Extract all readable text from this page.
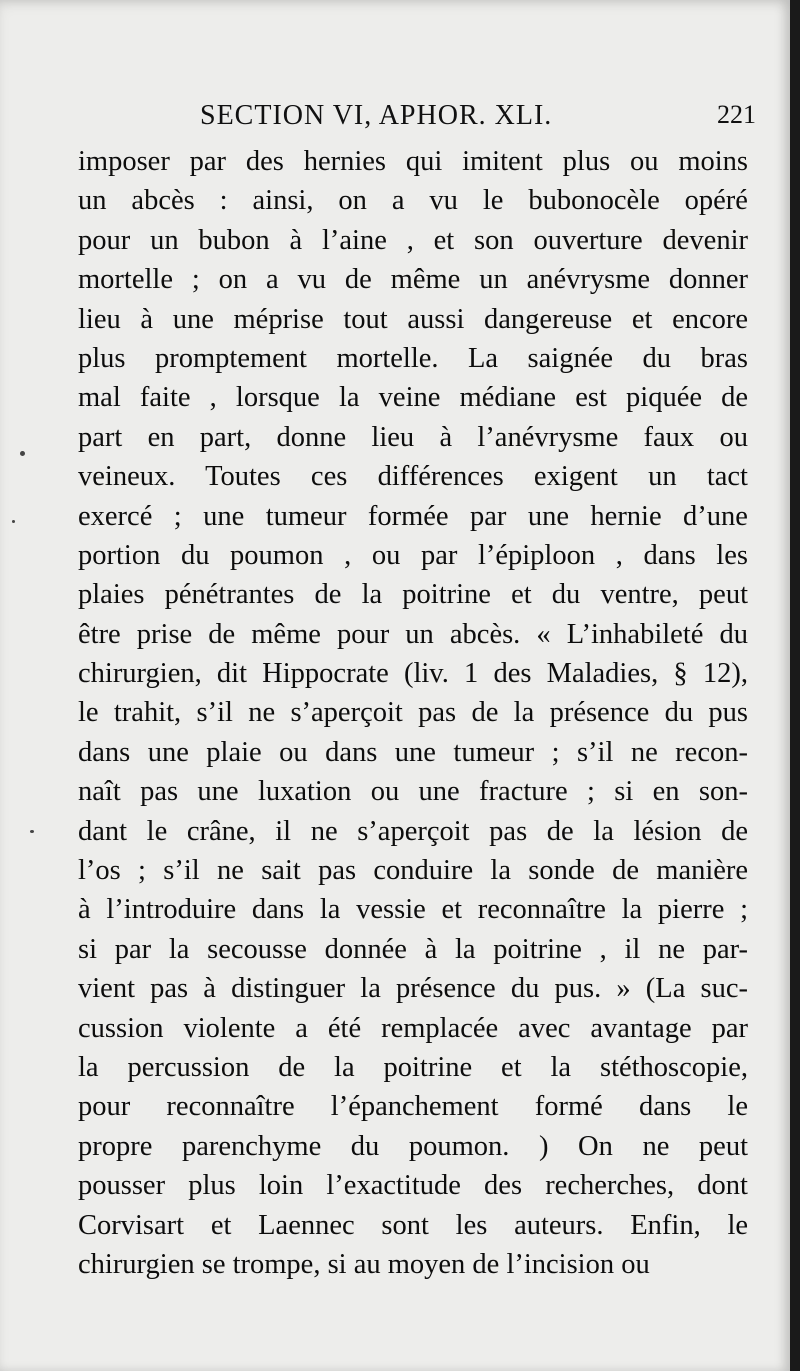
SECTION VI, APHOR. XLI.	221
imposer par des hernies qui imitent plus ou moins
un abcès : ainsi, on a vu le bubonocèle opéré
pour un bubon à l’aine , et son ouverture devenir
mortelle ; on a vu de même un anévrysme donner
lieu à une méprise tout aussi dangereuse et encore
plus promptement mortelle. La saignée du bras
mal faite , lorsque la veine médiane est piquée de
part en part, donne lieu à l’anévrysme faux ou
veineux. Toutes ces différences exigent un tact
exercé ; une tumeur formée par une hernie d’une
portion du poumon , ou par l’épiploon , dans les
plaies pénétrantes de la poitrine et du ventre, peut
être prise de même pour un abcès. « L’inhabileté du
chirurgien, dit Hippocrate (liv. 1 des Maladies, § 12),
le trahit, s’il ne s’aperçoit pas de la présence du pus
dans une plaie ou dans une tumeur ; s’il ne recon-
naît pas une luxation ou une fracture ; si en son-
dant le crâne, il ne s’aperçoit pas de la lésion de
l’os ; s’il ne sait pas conduire la sonde de manière
à l’introduire dans la vessie et reconnaître la pierre ;
si par la secousse donnée à la poitrine , il ne par-
vient pas à distinguer la présence du pus. » (La suc-
cussion violente a été remplacée avec avantage par
la percussion de la poitrine et la stéthoscopie,
pour reconnaître l’épanchement formé dans le
propre parenchyme du poumon. ) On ne peut
pousser plus loin l’exactitude des recherches, dont
Corvisart et Laennec sont les auteurs. Enfin, le
chirurgien se trompe, si au moyen de l’incision ou
